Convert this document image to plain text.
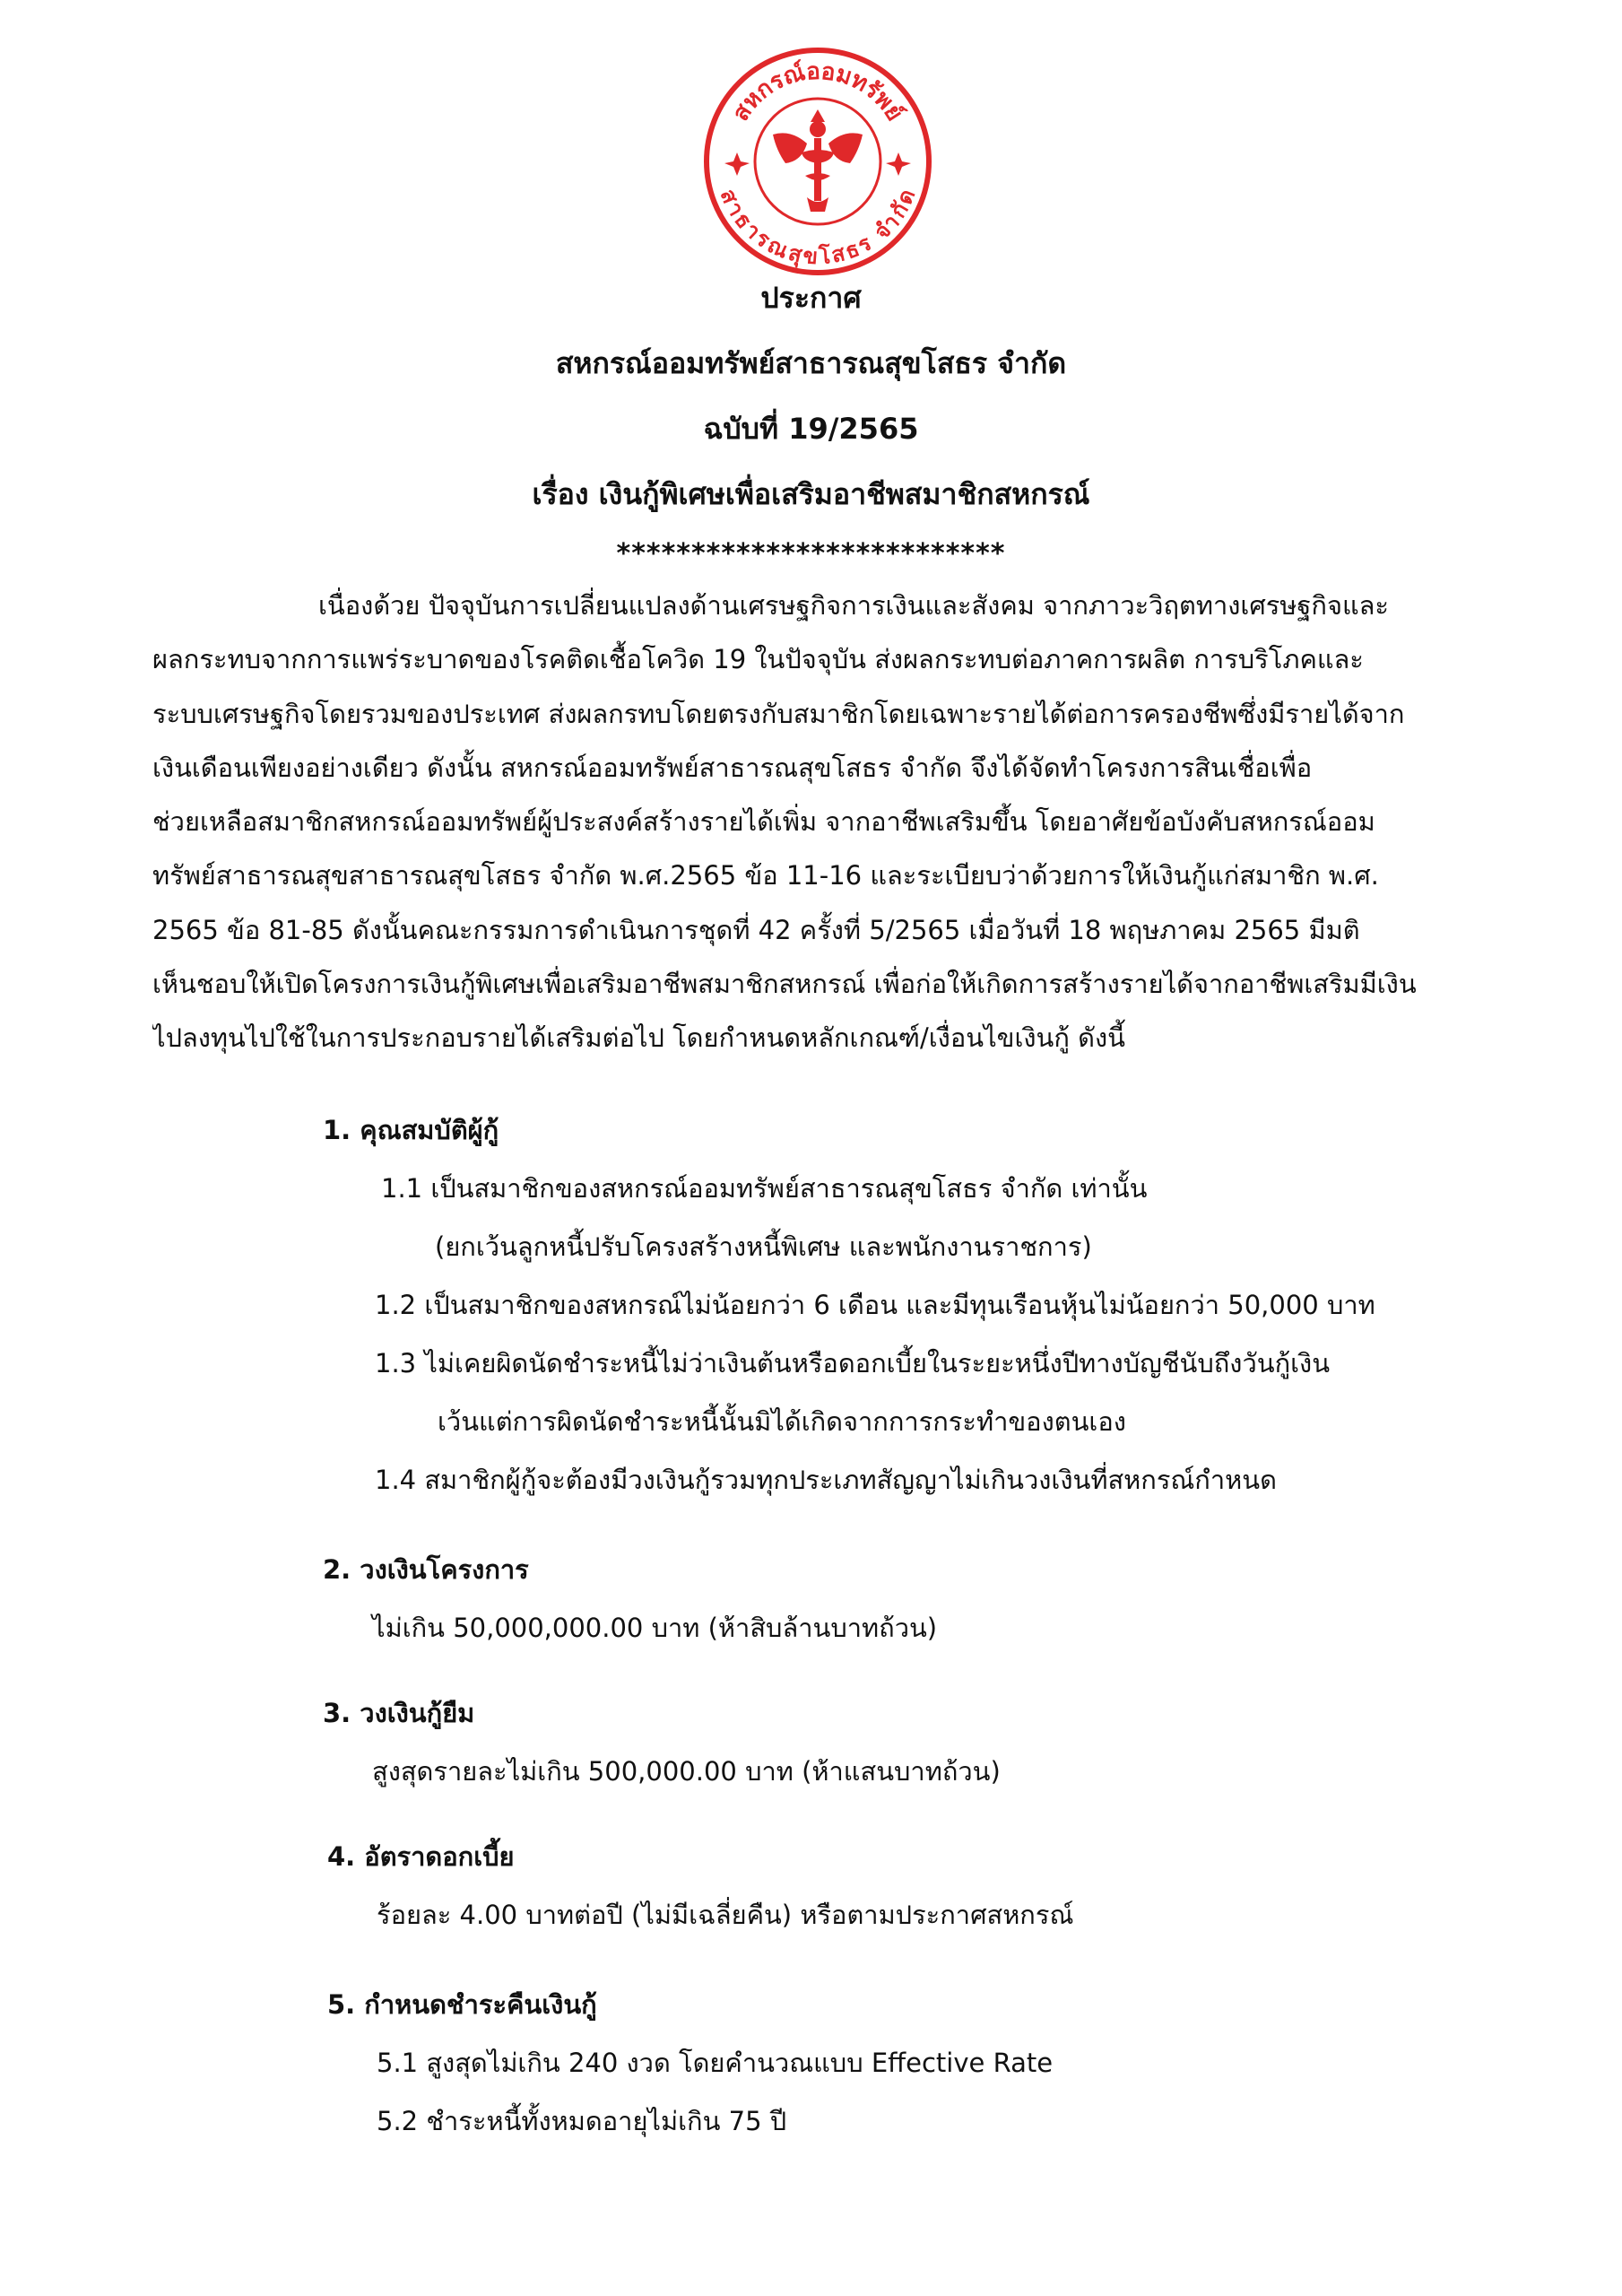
สหกรณ์ออมทรัพย์
สาธารณสุขโสธร จำกัด
ประกาศ
สหกรณ์ออมทรัพย์สาธารณสุขโสธร จำกัด
ฉบับที่ 19/2565
เรื่อง เงินกู้พิเศษเพื่อเสริมอาชีพสมาชิกสหกรณ์
**************************
เนื่องด้วย ปัจจุบันการเปลี่ยนแปลงด้านเศรษฐกิจการเงินและสังคม จากภาวะวิฤตทางเศรษฐกิจและ
ผลกระทบจากการแพร่ระบาดของโรคติดเชื้อโควิด 19 ในปัจจุบัน ส่งผลกระทบต่อภาคการผลิต การบริโภคและ
ระบบเศรษฐกิจโดยรวมของประเทศ ส่งผลกรทบโดยตรงกับสมาชิกโดยเฉพาะรายได้ต่อการครองชีพซึ่งมีรายได้จาก
เงินเดือนเพียงอย่างเดียว ดังนั้น สหกรณ์ออมทรัพย์สาธารณสุขโสธร จำกัด จึงได้จัดทำโครงการสินเชื่อเพื่อ
ช่วยเหลือสมาชิกสหกรณ์ออมทรัพย์ผู้ประสงค์สร้างรายได้เพิ่ม จากอาชีพเสริมขึ้น โดยอาศัยข้อบังคับสหกรณ์ออม
ทรัพย์สาธารณสุขสาธารณสุขโสธร จำกัด พ.ศ.2565 ข้อ 11-16 และระเบียบว่าด้วยการให้เงินกู้แก่สมาชิก พ.ศ.
2565 ข้อ 81-85 ดังนั้นคณะกรรมการดำเนินการชุดที่ 42 ครั้งที่ 5/2565 เมื่อวันที่ 18 พฤษภาคม 2565 มีมติ
เห็นชอบให้เปิดโครงการเงินกู้พิเศษเพื่อเสริมอาชีพสมาชิกสหกรณ์ เพื่อก่อให้เกิดการสร้างรายได้จากอาชีพเสริมมีเงิน
ไปลงทุนไปใช้ในการประกอบรายได้เสริมต่อไป โดยกำหนดหลักเกณฑ์/เงื่อนไขเงินกู้ ดังนี้
1. คุณสมบัติผู้กู้
1.1 เป็นสมาชิกของสหกรณ์ออมทรัพย์สาธารณสุขโสธร จำกัด เท่านั้น
(ยกเว้นลูกหนี้ปรับโครงสร้างหนี้พิเศษ และพนักงานราชการ)
1.2 เป็นสมาชิกของสหกรณ์ไม่น้อยกว่า 6 เดือน และมีทุนเรือนหุ้นไม่น้อยกว่า 50,000 บาท
1.3 ไม่เคยผิดนัดชำระหนี้ไม่ว่าเงินต้นหรือดอกเบี้ยในระยะหนึ่งปีทางบัญชีนับถึงวันกู้เงิน
เว้นแต่การผิดนัดชำระหนี้นั้นมิได้เกิดจากการกระทำของตนเอง
1.4 สมาชิกผู้กู้จะต้องมีวงเงินกู้รวมทุกประเภทสัญญาไม่เกินวงเงินที่สหกรณ์กำหนด
2. วงเงินโครงการ
ไม่เกิน 50,000,000.00 บาท (ห้าสิบล้านบาทถ้วน)
3. วงเงินกู้ยืม
สูงสุดรายละไม่เกิน 500,000.00 บาท (ห้าแสนบาทถ้วน)
4. อัตราดอกเบี้ย
ร้อยละ 4.00 บาทต่อปี (ไม่มีเฉลี่ยคืน) หรือตามประกาศสหกรณ์
5. กำหนดชำระคืนเงินกู้
5.1 สูงสุดไม่เกิน 240 งวด โดยคำนวณแบบ Effective Rate
5.2 ชำระหนี้ทั้งหมดอายุไม่เกิน 75 ปี
